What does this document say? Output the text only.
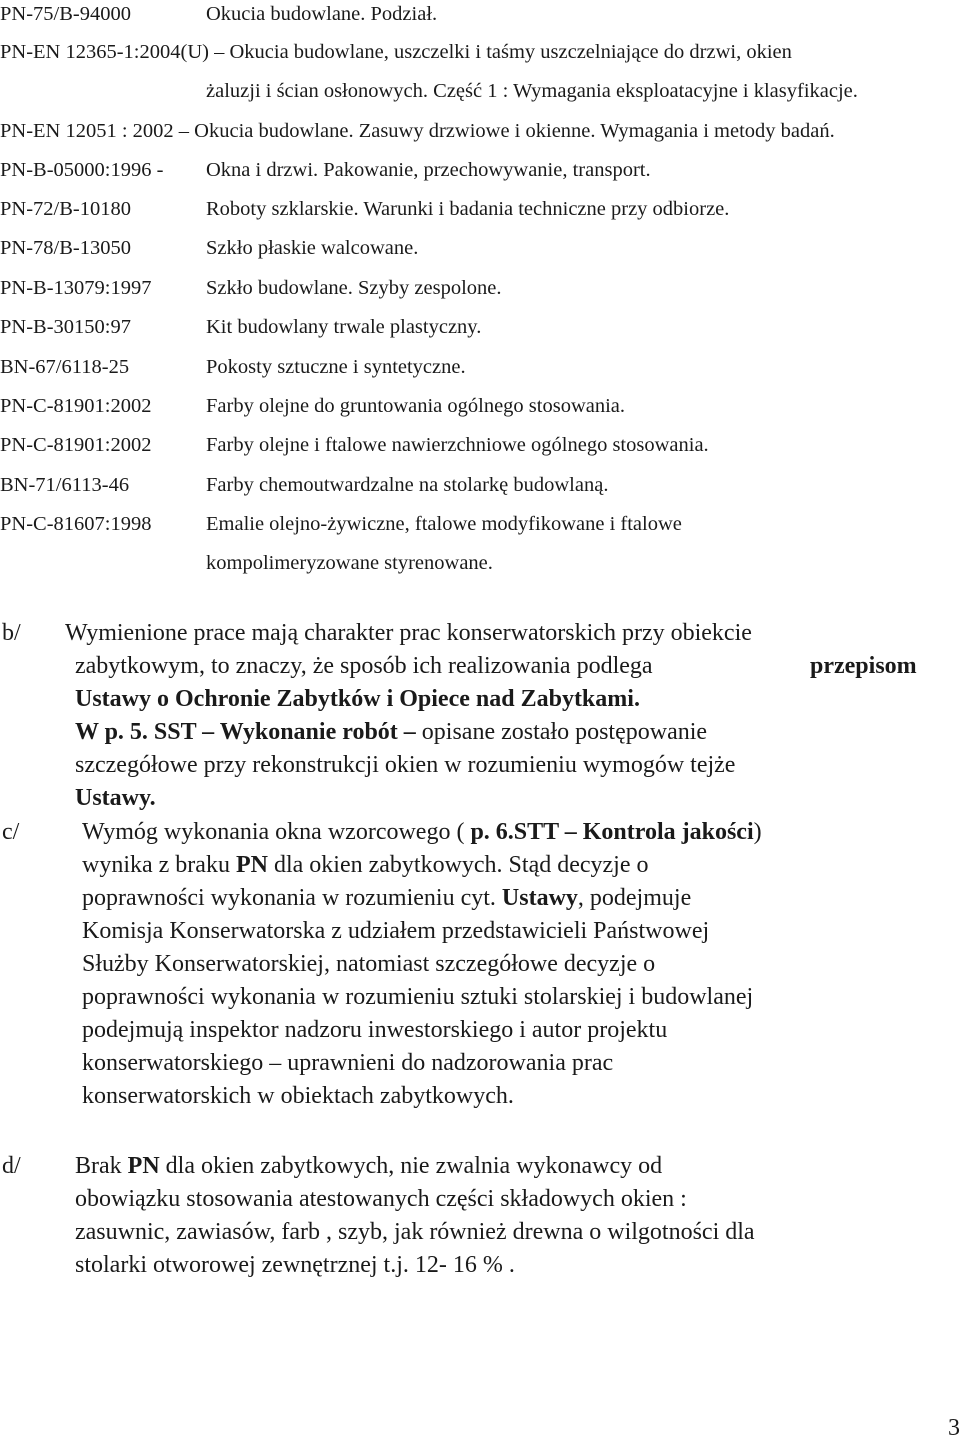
PN-75/B-94000	Okucia budowlane. Podział.
PN-EN 12365-1:2004(U) – Okucia budowlane, uszczelki i taśmy uszczelniające do drzwi, okien
żaluzji i ścian osłonowych. Część 1 : Wymagania eksploatacyjne i klasyfikacje.
PN-EN 12051 : 2002 – Okucia budowlane. Zasuwy drzwiowe i okienne. Wymagania i metody badań.
PN-B-05000:1996 - Okna i drzwi. Pakowanie, przechowywanie, transport.
PN-72/B-10180	Roboty szklarskie. Warunki i badania techniczne przy odbiorze.
PN-78/B-13050	Szkło płaskie walcowane.
PN-B-13079:1997	Szkło budowlane. Szyby zespolone.
PN-B-30150:97	Kit budowlany trwale plastyczny.
BN-67/6118-25	Pokosty sztuczne i syntetyczne.
PN-C-81901:2002	Farby olejne do gruntowania ogólnego stosowania.
PN-C-81901:2002	Farby olejne i ftalowe nawierzchniowe ogólnego stosowania.
BN-71/6113-46	Farby chemoutwardzalne na stolarkę budowlaną.
PN-C-81607:1998	Emalie olejno-żywiczne, ftalowe modyfikowane i ftalowe
kompolimeryzowane styrenowane.
b/ Wymienione prace mają charakter prac konserwatorskich przy obiekcie
zabytkowym, to znaczy, że sposób ich realizowania podlega	przepisom
Ustawy o Ochronie Zabytków i Opiece nad Zabytkami.
W p. 5. SST – Wykonanie robót – opisane zostało postępowanie
szczegółowe przy rekonstrukcji okien w rozumieniu wymogów tejże
Ustawy.
c/	Wymóg wykonania okna wzorcowego ( p. 6.STT – Kontrola jakości)
wynika z braku PN dla okien zabytkowych. Stąd decyzje o
poprawności wykonania w rozumieniu cyt. Ustawy, podejmuje
Komisja Konserwatorska z udziałem przedstawicieli Państwowej
Służby Konserwatorskiej, natomiast szczegółowe decyzje o
poprawności wykonania w rozumieniu sztuki stolarskiej i budowlanej
podejmują inspektor nadzoru inwestorskiego i autor projektu
konserwatorskiego – uprawnieni do nadzorowania prac
konserwatorskich w obiektach zabytkowych.
d/ Brak PN dla okien zabytkowych, nie zwalnia wykonawcy od
obowiązku stosowania atestowanych części składowych okien :
zasuwnic, zawiasów, farb , szyb, jak również drewna o wilgotności dla
stolarki otworowej zewnętrznej t.j. 12- 16 % .
3
